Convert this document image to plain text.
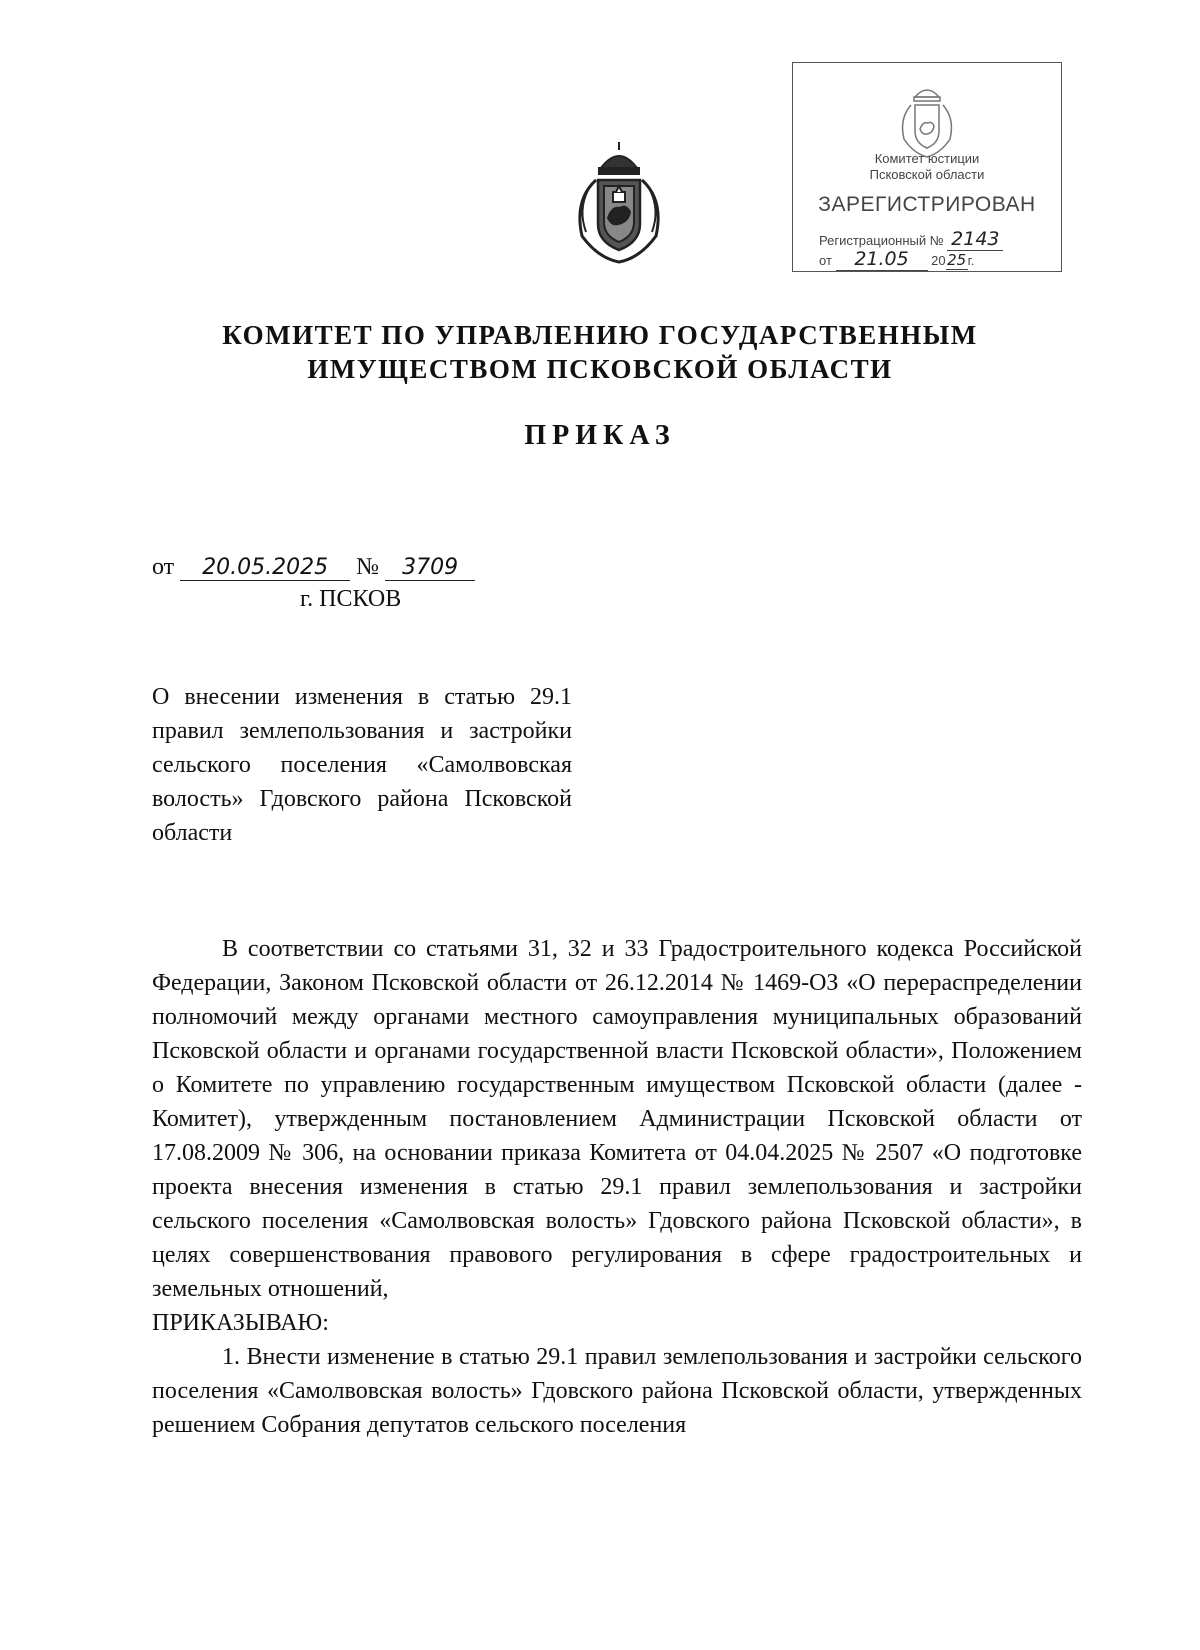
Комитет юстиции
Псковской области
ЗАРЕГИСТРИРОВАН
Регистрационный № 2143
от 21.05 2025г.
КОМИТЕТ ПО УПРАВЛЕНИЮ ГОСУДАРСТВЕННЫМ
ИМУЩЕСТВОМ ПСКОВСКОЙ ОБЛАСТИ
ПРИКАЗ
от 20.05.2025 № 3709
г. ПСКОВ
О внесении изменения в статью 29.1 правил землепользования и застройки сельского поселения «Самолвовская волость» Гдовского района Псковской области

В соответствии со статьями 31, 32 и 33 Градостроительного кодекса Российской Федерации, Законом Псковской области от 26.12.2014 № 1469-ОЗ «О перераспределении полномочий между органами местного самоуправления муниципальных образований Псковской области и органами государственной власти Псковской области», Положением о Комитете по управлению государственным имуществом Псковской области (далее - Комитет), утвержденным постановлением Администрации Псковской области от 17.08.2009 № 306, на основании приказа Комитета от 04.04.2025 № 2507 «О подготовке проекта внесения изменения в статью 29.1 правил землепользования и застройки сельского поселения «Самолвовская волость» Гдовского района Псковской области», в целях совершенствования правового регулирования в сфере градостроительных и земельных отношений,

ПРИКАЗЫВАЮ:

1. Внести изменение в статью 29.1 правил землепользования и застройки сельского поселения «Самолвовская волость» Гдовского района Псковской области, утвержденных решением Собрания депутатов сельского поселения
